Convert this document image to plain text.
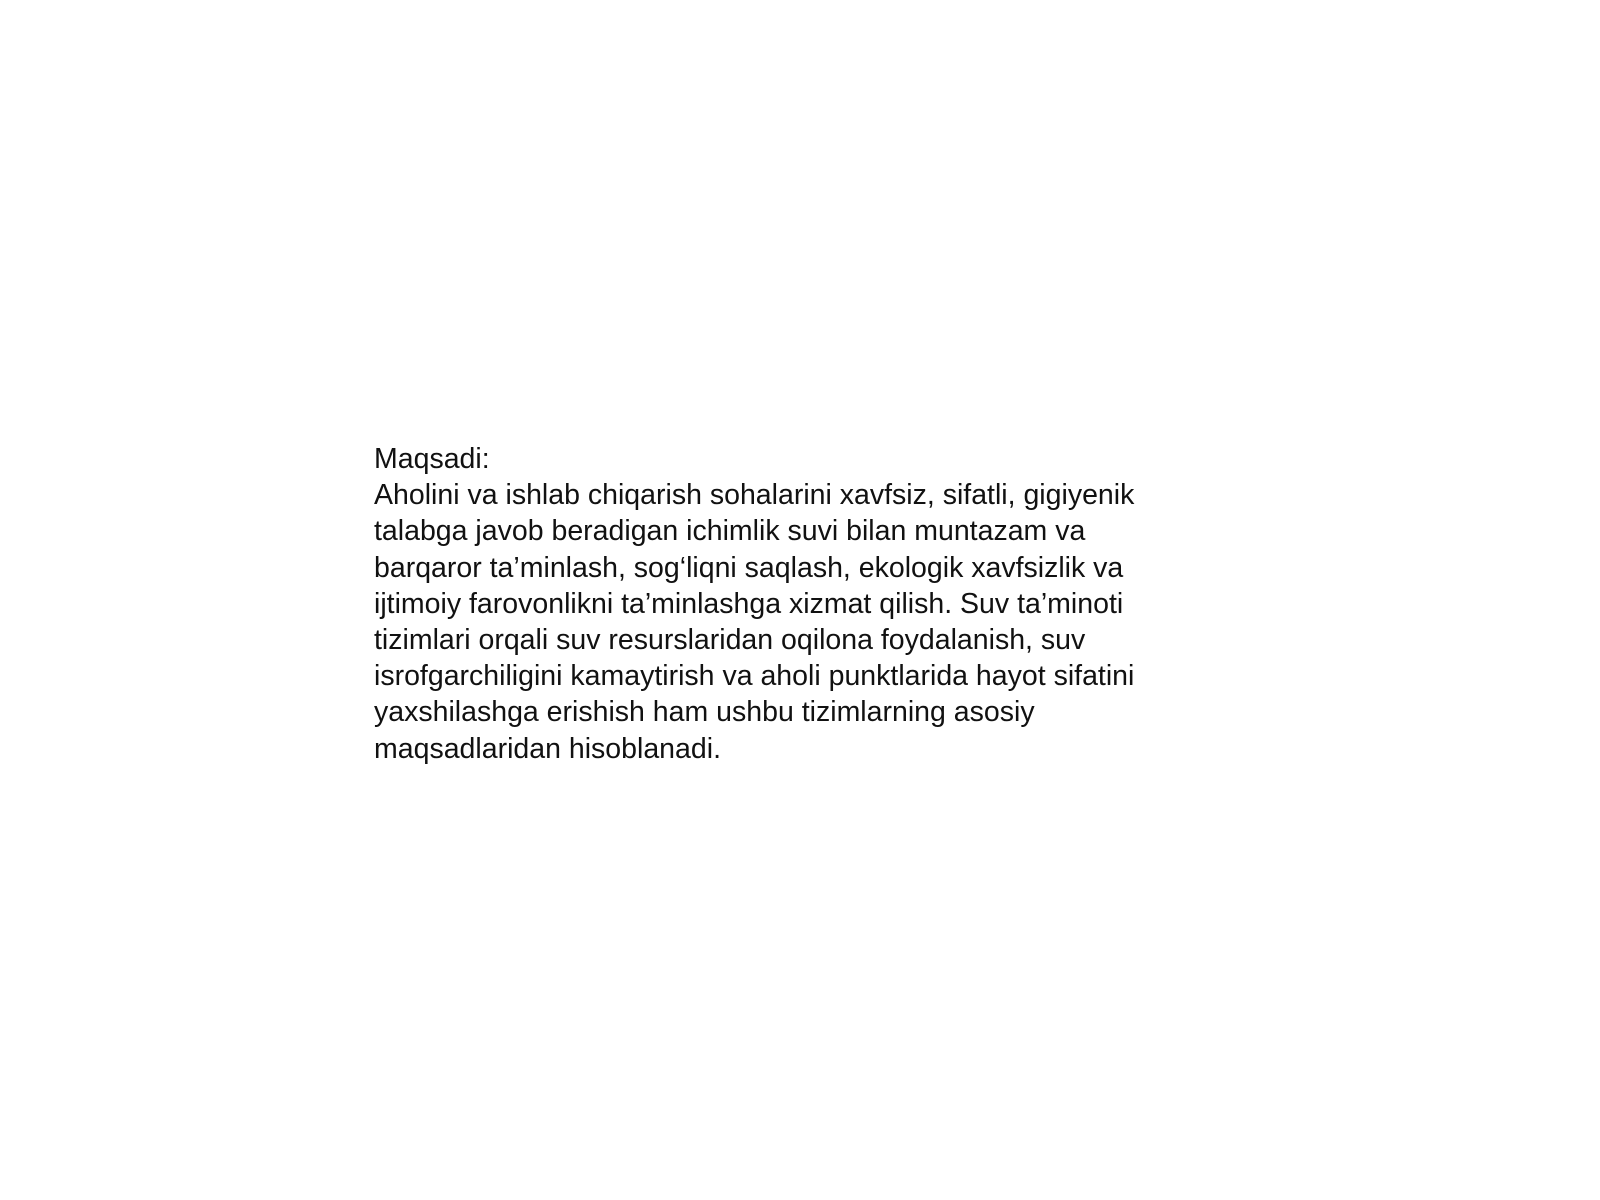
Maqsadi:
Aholini va ishlab chiqarish sohalarini xavfsiz, sifatli, gigiyenik
talabga javob beradigan ichimlik suvi bilan muntazam va
barqaror ta’minlash, sog‘liqni saqlash, ekologik xavfsizlik va
ijtimoiy farovonlikni ta’minlashga xizmat qilish. Suv ta’minoti
tizimlari orqali suv resurslaridan oqilona foydalanish, suv
isrofgarchiligini kamaytirish va aholi punktlarida hayot sifatini
yaxshilashga erishish ham ushbu tizimlarning asosiy
maqsadlaridan hisoblanadi.
